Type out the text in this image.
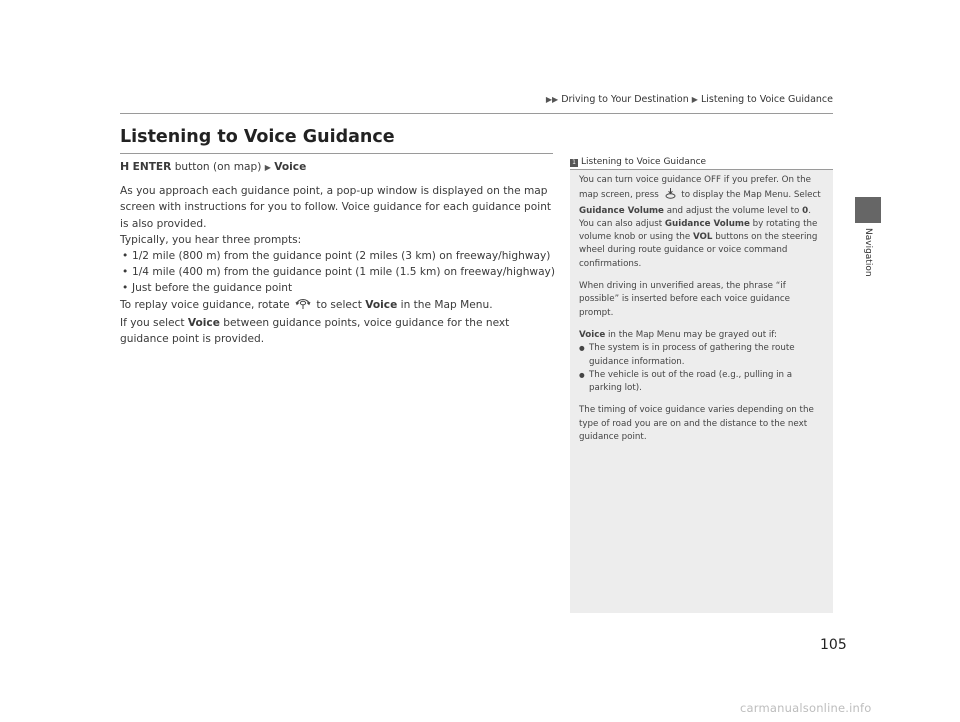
▶▶ Driving to Your Destination ▶ Listening to Voice Guidance
Navigation
Listening to Voice Guidance

H ENTER button (on map) ▶ Voice

As you approach each guidance point, a pop-up window is displayed on the map screen with instructions for you to follow. Voice guidance for each guidance point is also provided.

Typically, you hear three prompts:

• 1/2 mile (800 m) from the guidance point (2 miles (3 km) on freeway/highway)
• 1/4 mile (400 m) from the guidance point (1 mile (1.5 km) on freeway/highway)
• Just before the guidance point

To replay voice guidance, rotate  to select Voice in the Map Menu.

If you select Voice between guidance points, voice guidance for the next guidance point is provided.

1 Listening to Voice Guidance

You can turn voice guidance OFF if you prefer. On the map screen, press  to display the Map Menu. Select Guidance Volume and adjust the volume level to 0.

You can also adjust Guidance Volume by rotating the volume knob or using the VOL buttons on the steering wheel during route guidance or voice command confirmations.

When driving in unverified areas, the phrase “if possible” is inserted before each voice guidance prompt.

Voice in the Map Menu may be grayed out if:

● The system is in process of gathering the route guidance information.
● The vehicle is out of the road (e.g., pulling in a parking lot).

The timing of voice guidance varies depending on the type of road you are on and the distance to the next guidance point.

105
carmanualsonline.info
